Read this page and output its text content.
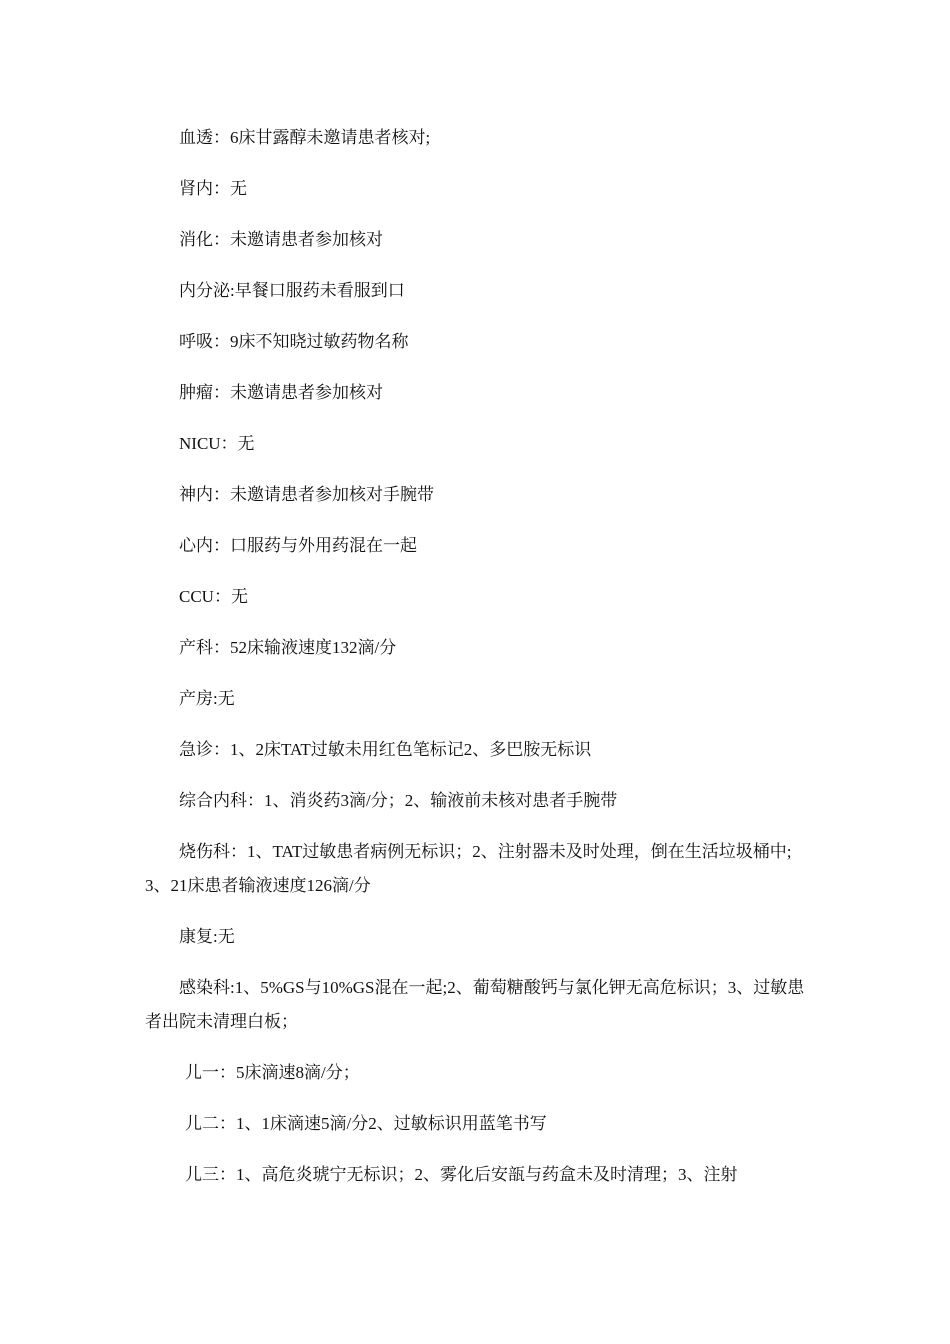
血透：6床甘露醇未邀请患者核对;

肾内：无

消化：未邀请患者参加核对

内分泌:早餐口服药未看服到口

呼吸：9床不知晓过敏药物名称

肿瘤：未邀请患者参加核对

NICU：无

神内：未邀请患者参加核对手腕带

心内：口服药与外用药混在一起

CCU：无

产科：52床输液速度132滴/分

产房:无

急诊：1、2床TAT过敏未用红色笔标记2、多巴胺无标识

综合内科：1、消炎药3滴/分；2、输液前未核对患者手腕带

烧伤科：1、TAT过敏患者病例无标识；2、注射器未及时处理，倒在生活垃圾桶中;3、21床患者输液速度126滴/分

康复:无

感染科:1、5%GS与10%GS混在一起;2、葡萄糖酸钙与氯化钾无高危标识；3、过敏患者出院未清理白板；

儿一：5床滴速8滴/分；

儿二：1、1床滴速5滴/分2、过敏标识用蓝笔书写

儿三：1、高危炎琥宁无标识；2、雾化后安瓿与药盒未及时清理；3、注射
